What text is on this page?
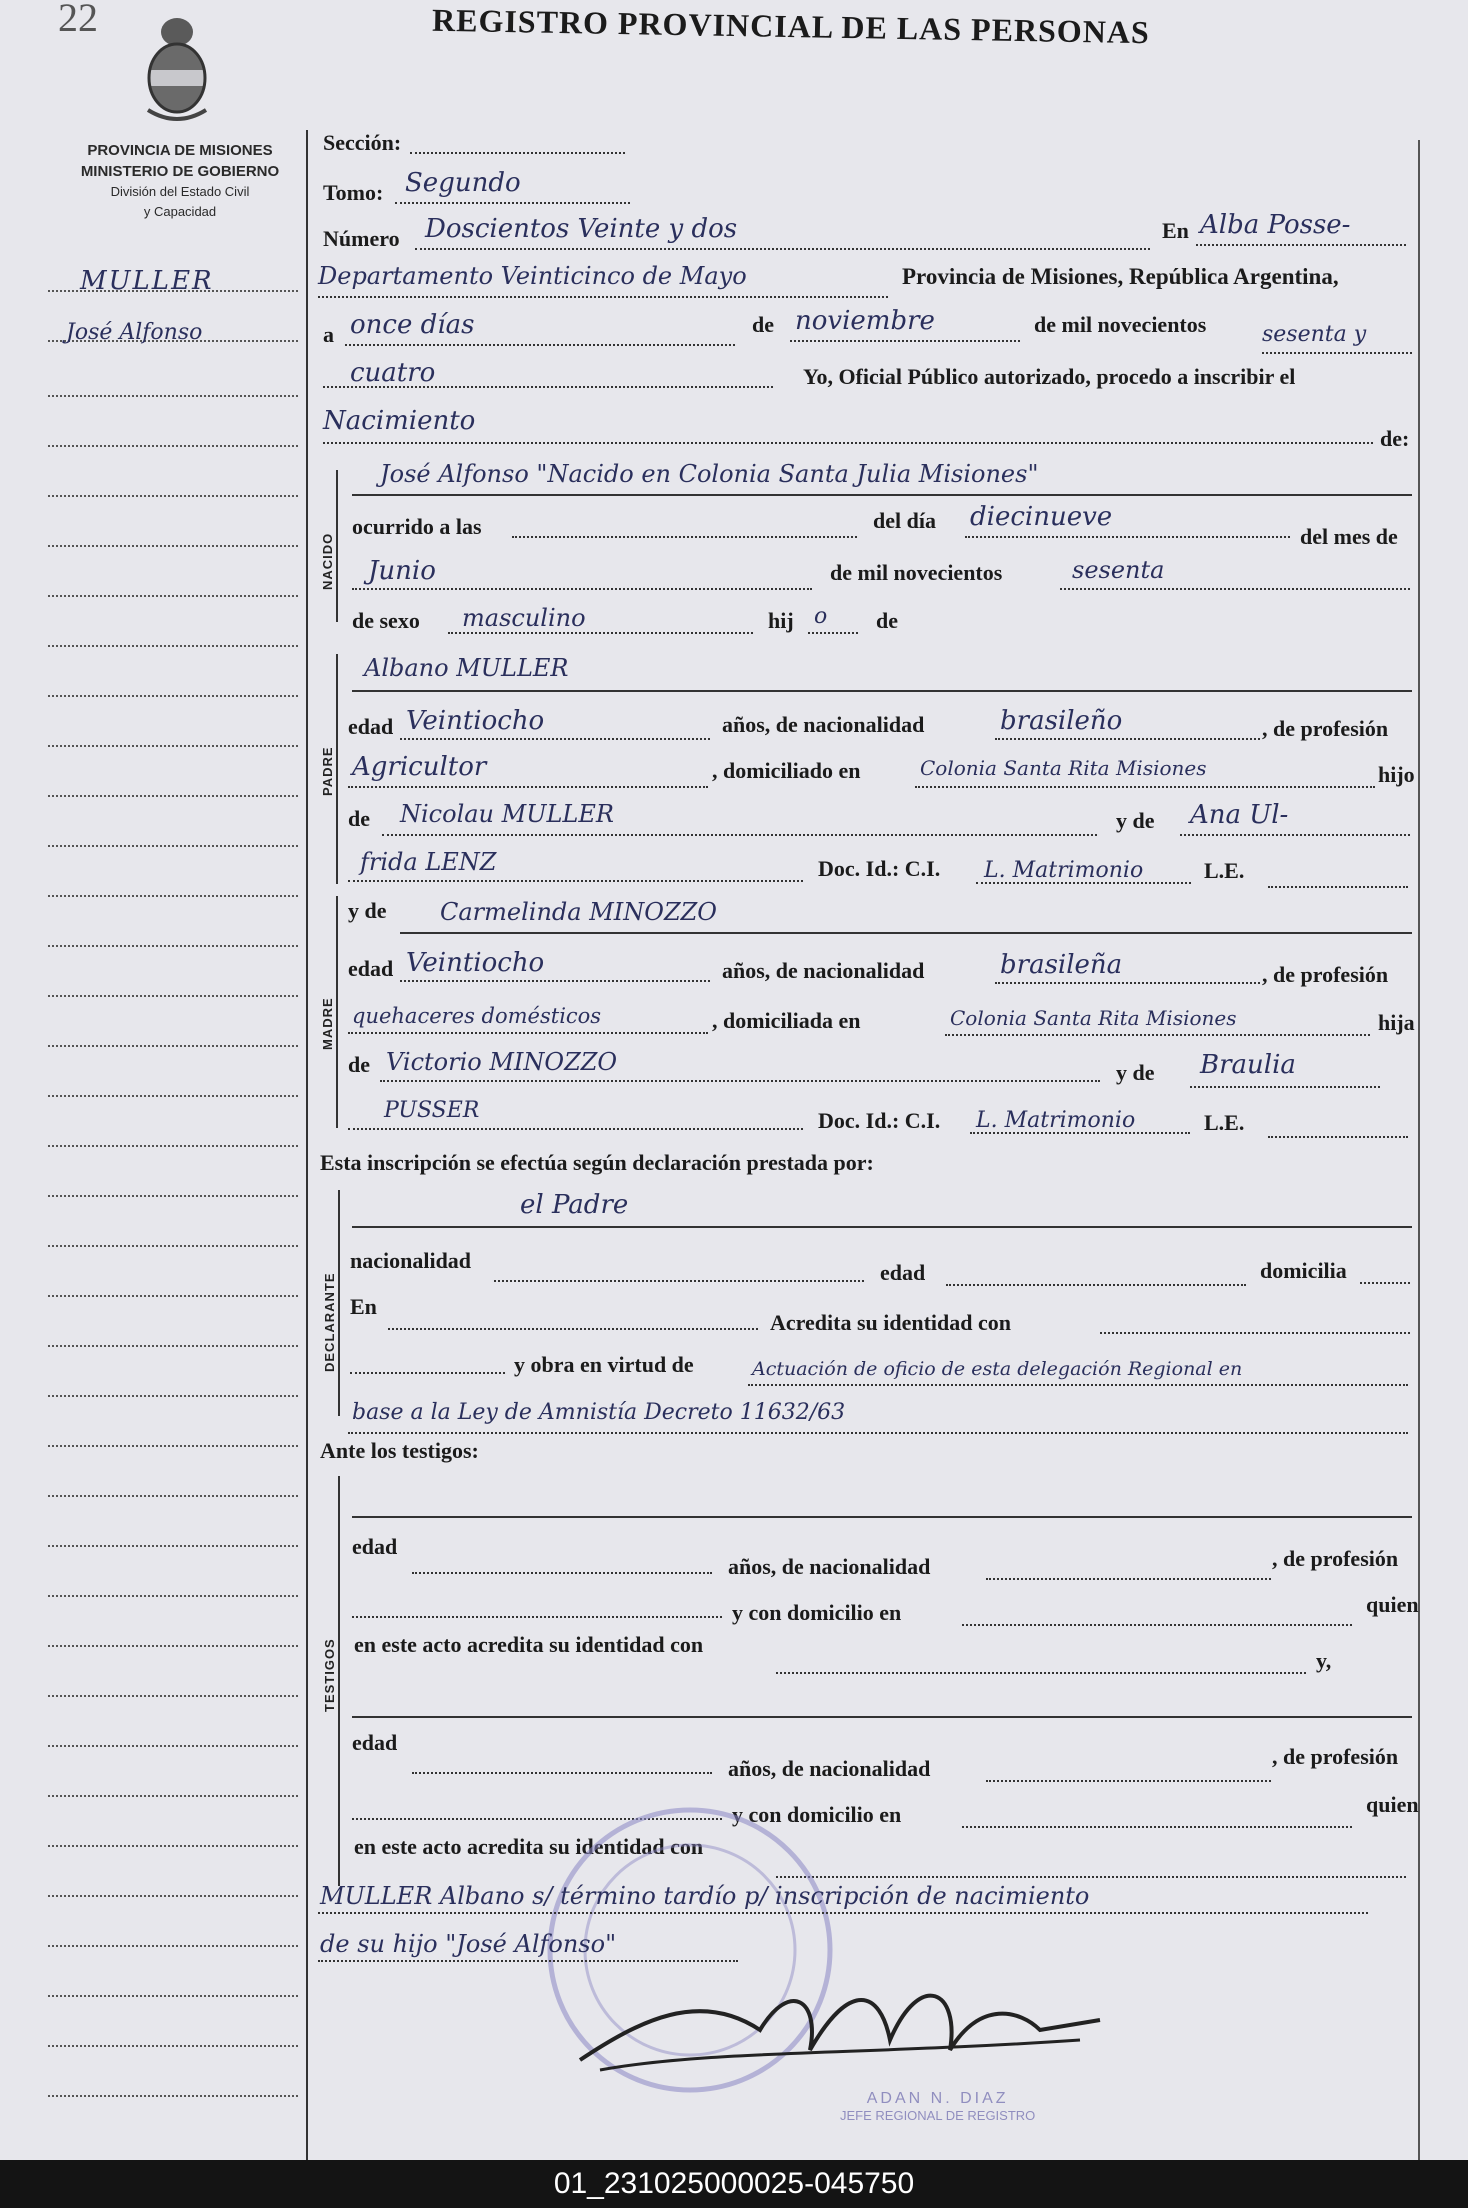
22	REGISTRO PROVINCIAL DE LAS PERSONAS
PROVINCIA DE MISIONES
MINISTERIO DE GOBIERNO
División del Estado Civil
y Capacidad
MULLER
José Alfonso
Sección:
Tomo: Segundo
Número Doscientos Veinte y dos	En Alba Posse-
Departamento Veinticinco de Mayo	Provincia de Misiones, República Argentina,
a once días	de noviembre	de mil novecientos	sesenta y
cuatro	Yo, Oficial Público autorizado, procedo a inscribir el
Nacimiento
de:
NACIDO
José Alfonso "Nacido en Colonia Santa Julia Misiones"
ocurrido a las	del día diecinueve
del mes de
Junio	de mil novecientos	sesenta
de sexo masculino	hij o de
PADRE
Albano MULLER
edad Veintiocho	años, de nacionalidad	brasileño	, de profesión
Agricultor	, domiciliado en	Colonia Santa Rita Misiones	hijo
de Nicolau MULLER	y de Ana Ul-
frida LENZ	Doc. Id.: C.I. L. Matrimonio	L.E.
MADRE
y de Carmelinda MINOZZO
edad Veintiocho	años, de nacionalidad	brasileña	, de profesión
quehaceres domésticos	, domiciliada en	Colonia Santa Rita Misiones	hija
de Victorio MINOZZO	y de Braulia
PUSSER	Doc. Id.: C.I. L. Matrimonio	L.E.
Esta inscripción se efectúa según declaración prestada por:
DECLARANTE
el Padre
nacionalidad	edad	domicilia
En
Acredita su identidad con
y obra en virtud de	Actuación de oficio de esta delegación Regional en
base a la Ley de Amnistía Decreto 11632/63
Ante los testigos:
TESTIGOS
edad
años, de nacionalidad	, de profesión
y con domicilio en	quien
en este acto acredita su identidad con
y,
edad
años, de nacionalidad	, de profesión
y con domicilio en	quien
en este acto acredita su identidad con
MULLER Albano s/ término tardío p/ inscripción de nacimiento
de su hijo "José Alfonso"
ADAN N. DIAZ
JEFE REGIONAL DE REGISTRO
01_231025000025-045750
